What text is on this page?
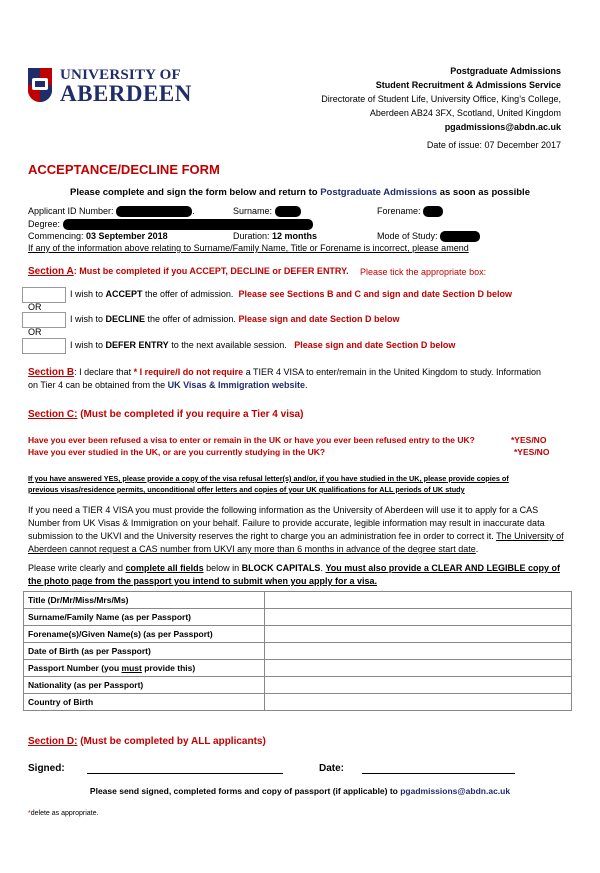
UNIVERSITY OF
ABERDEEN
Postgraduate Admissions
Student Recruitment & Admissions Service
Directorate of Student Life, University Office, King’s College,
Aberdeen AB24 3FX, Scotland, United Kingdom
pgadmissions@abdn.ac.uk
Date of issue: 07 December 2017
ACCEPTANCE/DECLINE FORM
Please complete and sign the form below and return to Postgraduate Admissions as soon as possible
Applicant ID Number:	.	Surname:	Forename:
Degree:
Commencing: 03 September 2018	Duration: 12 months	Mode of Study:
If any of the information above relating to Surname/Family Name, Title or Forename is incorrect, please amend
Section A: Must be completed if you ACCEPT, DECLINE or DEFER ENTRY. Please tick the appropriate box:
I wish to ACCEPT the offer of admission. Please see Sections B and C and sign and date Section D below
OR
I wish to DECLINE the offer of admission. Please sign and date Section D below
OR
I wish to DEFER ENTRY to the next available session. Please sign and date Section D below
Section B: I declare that * I require/I do not require a TIER 4 VISA to enter/remain in the United Kingdom to study. Information
on Tier 4 can be obtained from the UK Visas & Immigration website.
Section C: (Must be completed if you require a Tier 4 visa)
Have you ever been refused a visa to enter or remain in the UK or have you ever been refused entry to the UK?	*YES/NO
Have you ever studied in the UK, or are you currently studying in the UK?	*YES/NO
If you have answered YES, please provide a copy of the visa refusal letter(s) and/or, if you have studied in the UK, please provide copies of
previous visas/residence permits, unconditional offer letters and copies of your UK qualifications for ALL periods of UK study
If you need a TIER 4 VISA you must provide the following information as the University of Aberdeen will use it to apply for a CAS Number from UK Visas & Immigration on your behalf. Failure to provide accurate, legible information may result in inaccurate data submission to the UKVI and the University reserves the right to charge you an administration fee in order to correct it. The University of Aberdeen cannot request a CAS number from UKVI any more than 6 months in advance of the degree start date.
Please write clearly and complete all fields below in BLOCK CAPITALS. You must also provide a CLEAR AND LEGIBLE copy of the photo page from the passport you intend to submit when you apply for a visa.
Title (Dr/Mr/Miss/Mrs/Ms)	
Surname/Family Name (as per Passport)	
Forename(s)/Given Name(s) (as per Passport)	
Date of Birth (as per Passport)	
Passport Number (you must provide this)	
Nationality (as per Passport)	
Country of Birth	
Section D: (Must be completed by ALL applicants)
Signed:	Date:
Please send signed, completed forms and copy of passport (if applicable) to pgadmissions@abdn.ac.uk
*delete as appropriate.
